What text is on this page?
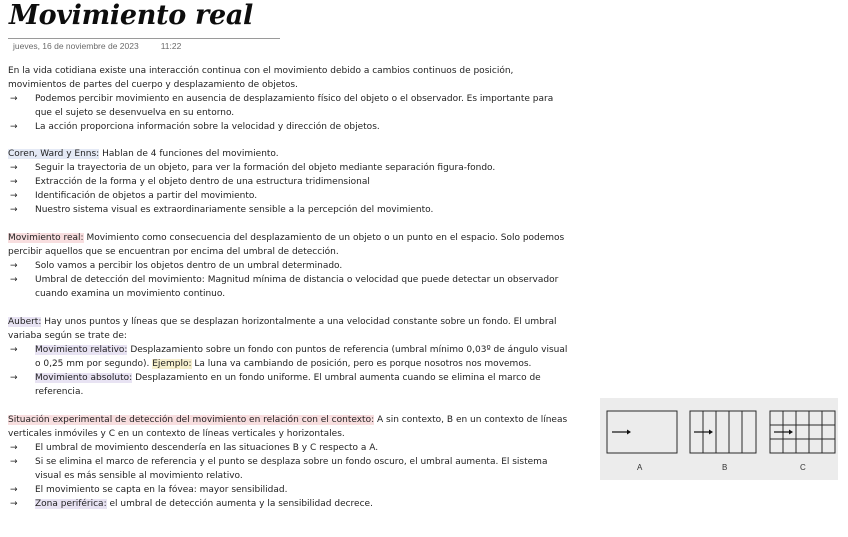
Movimiento real
jueves, 16 de noviembre de 2023	11:22

En la vida cotidiana existe una interacción continua con el movimiento debido a cambios continuos de posición, movimientos de partes del cuerpo y desplazamiento de objetos.

→ Podemos percibir movimiento en ausencia de desplazamiento físico del objeto o el observador. Es importante para que el sujeto se desenvuelva en su entorno.

→ La acción proporciona información sobre la velocidad y dirección de objetos.

Coren, Ward y Enns: Hablan de 4 funciones del movimiento.

→ Seguir la trayectoria de un objeto, para ver la formación del objeto mediante separación figura-fondo.

→ Extracción de la forma y el objeto dentro de una estructura tridimensional

→ Identificación de objetos a partir del movimiento.

→ Nuestro sistema visual es extraordinariamente sensible a la percepción del movimiento.

Movimiento real: Movimiento como consecuencia del desplazamiento de un objeto o un punto en el espacio. Solo podemos percibir aquellos que se encuentran por encima del umbral de detección.

→ Solo vamos a percibir los objetos dentro de un umbral determinado.

→ Umbral de detección del movimiento: Magnitud mínima de distancia o velocidad que puede detectar un observador cuando examina un movimiento continuo.

Aubert: Hay unos puntos y líneas que se desplazan horizontalmente a una velocidad constante sobre un fondo. El umbral variaba según se trate de:

→ Movimiento relativo: Desplazamiento sobre un fondo con puntos de referencia (umbral mínimo 0,03º de ángulo visual o 0,25 mm por segundo). Ejemplo: La luna va cambiando de posición, pero es porque nosotros nos movemos.

→ Movimiento absoluto: Desplazamiento en un fondo uniforme. El umbral aumenta cuando se elimina el marco de referencia.

Situación experimental de detección del movimiento en relación con el contexto: A sin contexto, B en un contexto de líneas verticales inmóviles y C en un contexto de líneas verticales y horizontales.

→ El umbral de movimiento descendería en las situaciones B y C respecto a A.

→ Si se elimina el marco de referencia y el punto se desplaza sobre un fondo oscuro, el umbral aumenta. El sistema visual es más sensible al movimiento relativo.

→ El movimiento se capta en la fóvea: mayor sensibilidad.

→ Zona periférica: el umbral de detección aumenta y la sensibilidad decrece.

A	B	C
